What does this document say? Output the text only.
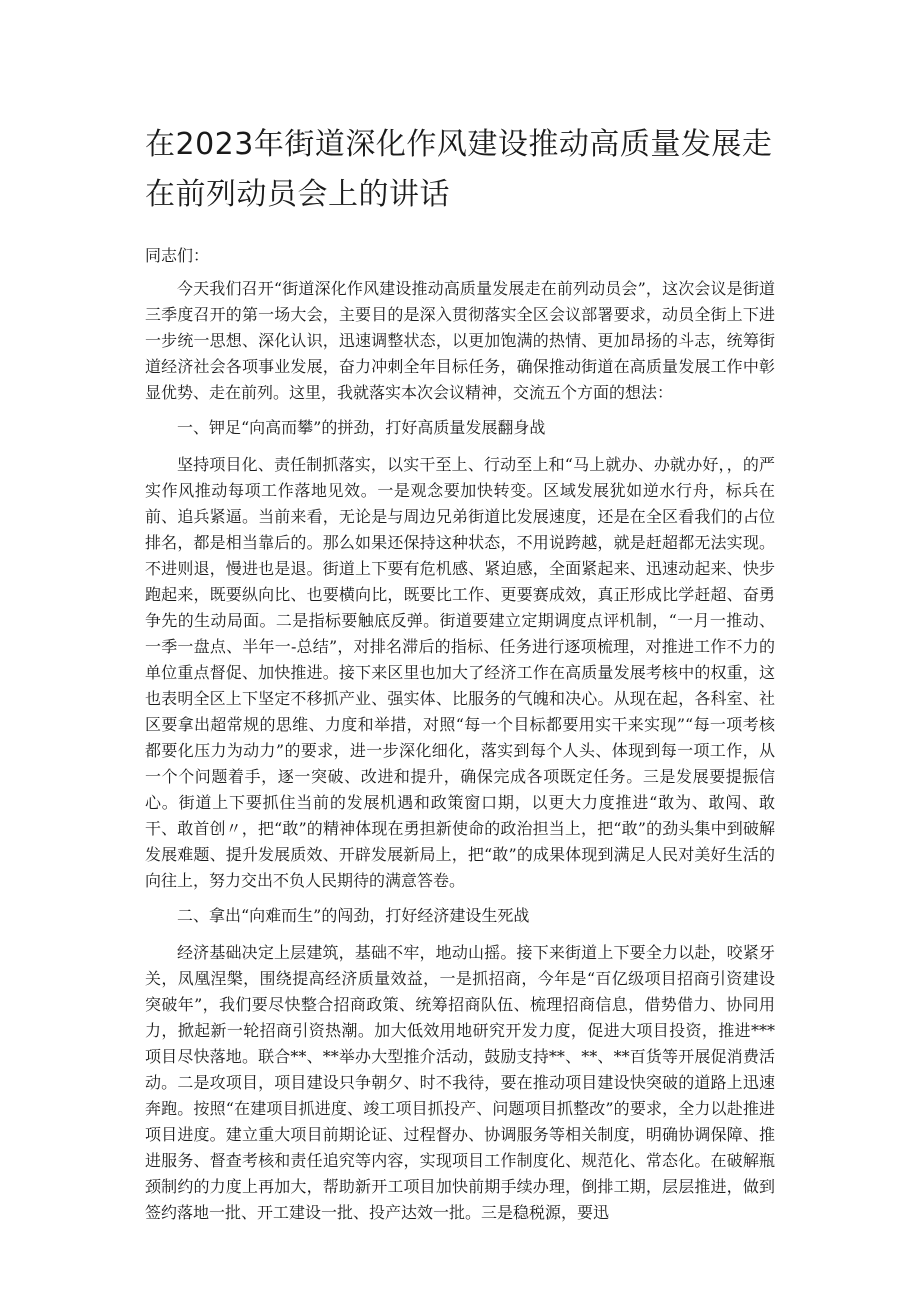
在2023年街道深化作风建设推动高质量发展走在前列动员会上的讲话

同志们：

今天我们召开“街道深化作风建设推动高质量发展走在前列动员会”，这次会议是街道三季度召开的第一场大会，主要目的是深入贯彻落实全区会议部署要求，动员全街上下进一步统一思想、深化认识，迅速调整状态，以更加饱满的热情、更加昂扬的斗志，统筹街道经济社会各项事业发展，奋力冲刺全年目标任务，确保推动街道在高质量发展工作中彰显优势、走在前列。这里，我就落实本次会议精神，交流五个方面的想法：

一、钾足“向高而攀”的拼劲，打好高质量发展翻身战

坚持项目化、责任制抓落实，以实干至上、行动至上和“马上就办、办就办好，，的严实作风推动每项工作落地见效。一是观念要加快转变。区域发展犹如逆水行舟，标兵在前、追兵紧逼。当前来看，无论是与周边兄弟街道比发展速度，还是在全区看我们的占位排名，都是相当靠后的。那么如果还保持这种状态，不用说跨越，就是赶超都无法实现。不进则退，慢进也是退。街道上下要有危机感、紧迫感，全面紧起来、迅速动起来、快步跑起来，既要纵向比、也要横向比，既要比工作、更要赛成效，真正形成比学赶超、奋勇争先的生动局面。二是指标要触底反弹。街道要建立定期调度点评机制，“一月一推动、一季一盘点、半年一-总结”，对排名滞后的指标、任务进行逐项梳理，对推进工作不力的单位重点督促、加快推进。接下来区里也加大了经济工作在高质量发展考核中的权重，这也表明全区上下坚定不移抓产业、强实体、比服务的气魄和决心。从现在起，各科室、社区要拿出超常规的思维、力度和举措，对照“每一个目标都要用实干来实现”“每一项考核都要化压力为动力”的要求，进一步深化细化，落实到每个人头、体现到每一项工作，从一个个问题着手，逐一突破、改进和提升，确保完成各项既定任务。三是发展要提振信心。街道上下要抓住当前的发展机遇和政策窗口期，以更大力度推进“敢为、敢闯、敢干、敢首创〃，把“敢”的精神体现在勇担新使命的政治担当上，把“敢”的劲头集中到破解发展难题、提升发展质效、开辟发展新局上，把“敢”的成果体现到满足人民对美好生活的向往上，努力交出不负人民期待的满意答卷。

二、拿出“向难而生”的闯劲，打好经济建设生死战

经济基础决定上层建筑，基础不牢，地动山摇。接下来街道上下要全力以赴，咬紧牙关，凤凰涅槃，围绕提高经济质量效益，一是抓招商，今年是“百亿级项目招商引资建设突破年”，我们要尽快整合招商政策、统筹招商队伍、梳理招商信息，借势借力、协同用力，掀起新一轮招商引资热潮。加大低效用地研究开发力度，促进大项目投资，推进***项目尽快落地。联合**、**举办大型推介活动，鼓励支持**、**、**百货等开展促消费活动。二是攻项目，项目建设只争朝夕、时不我待，要在推动项目建设快突破的道路上迅速奔跑。按照“在建项目抓进度、竣工项目抓投产、问题项目抓整改”的要求，全力以赴推进项目进度。建立重大项目前期论证、过程督办、协调服务等相关制度，明确协调保障、推进服务、督查考核和责任追究等内容，实现项目工作制度化、规范化、常态化。在破解瓶颈制约的力度上再加大，帮助新开工项目加快前期手续办理，倒排工期，层层推进，做到签约落地一批、开工建设一批、投产达效一批。三是稳税源，要迅
